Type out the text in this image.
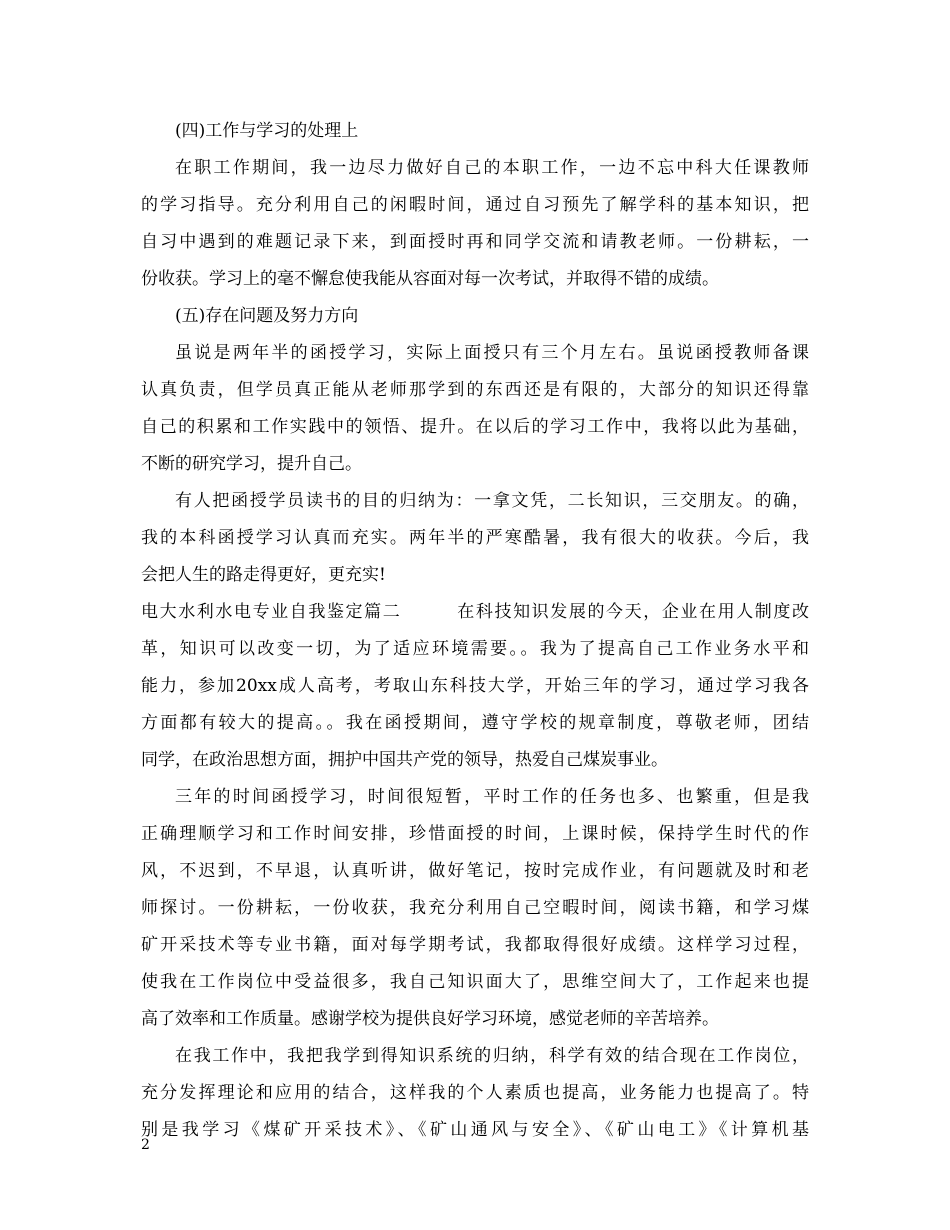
(四)工作与学习的处理上
在职工作期间，我一边尽力做好自己的本职工作，一边不忘中科大任课教师
的学习指导。充分利用自己的闲暇时间，通过自习预先了解学科的基本知识，把
自习中遇到的难题记录下来，到面授时再和同学交流和请教老师。一份耕耘，一
份收获。学习上的毫不懈怠使我能从容面对每一次考试，并取得不错的成绩。
(五)存在问题及努力方向
虽说是两年半的函授学习，实际上面授只有三个月左右。虽说函授教师备课
认真负责，但学员真正能从老师那学到的东西还是有限的，大部分的知识还得靠
自己的积累和工作实践中的领悟、提升。在以后的学习工作中，我将以此为基础，
不断的研究学习，提升自己。
有人把函授学员读书的目的归纳为：一拿文凭，二长知识，三交朋友。的确，
我的本科函授学习认真而充实。两年半的严寒酷暑，我有很大的收获。今后，我
会把人生的路走得更好，更充实!
电大水利水电专业自我鉴定篇二        在科技知识发展的今天，企业在用人制度改
革，知识可以改变一切，为了适应环境需要。。我为了提高自己工作业务水平和
能力，参加20xx成人高考，考取山东科技大学，开始三年的学习，通过学习我各
方面都有较大的提高。。我在函授期间，遵守学校的规章制度，尊敬老师，团结
同学，在政治思想方面，拥护中国共产党的领导，热爱自己煤炭事业。
三年的时间函授学习，时间很短暂，平时工作的任务也多、也繁重，但是我
正确理顺学习和工作时间安排，珍惜面授的时间，上课时候，保持学生时代的作
风，不迟到，不早退，认真听讲，做好笔记，按时完成作业，有问题就及时和老
师探讨。一份耕耘，一份收获，我充分利用自己空暇时间，阅读书籍，和学习煤
矿开采技术等专业书籍，面对每学期考试，我都取得很好成绩。这样学习过程，
使我在工作岗位中受益很多，我自己知识面大了，思维空间大了，工作起来也提
高了效率和工作质量。感谢学校为提供良好学习环境，感觉老师的辛苦培养。
在我工作中，我把我学到得知识系统的归纳，科学有效的结合现在工作岗位，
充分发挥理论和应用的结合，这样我的个人素质也提高，业务能力也提高了。特
别是我学习《煤矿开采技术》、《矿山通风与安全》、《矿山电工》《计算机基
2
